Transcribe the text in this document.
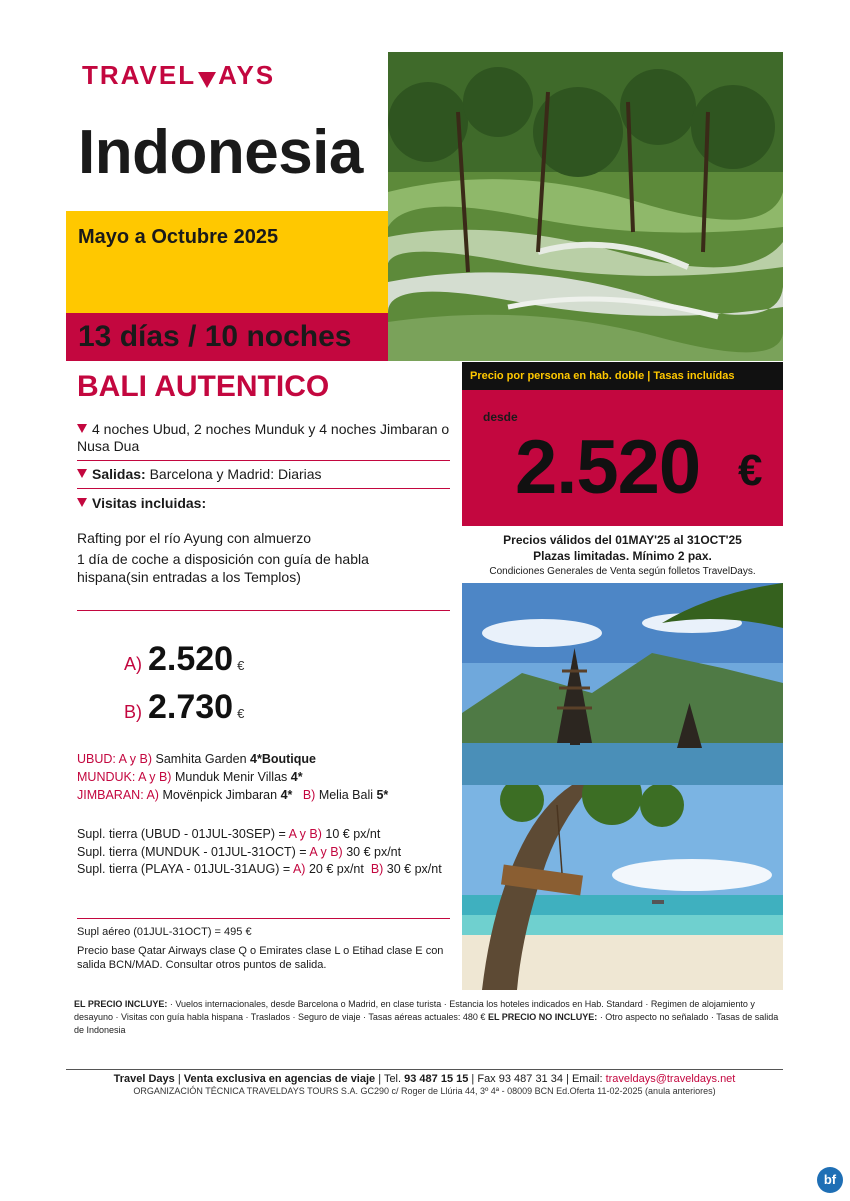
TRAVEL AYS
Indonesia
Mayo a Octubre 2025
13 días / 10 noches
Precio por persona en hab. doble | Tasas incluídas
desde
2.520 €
Precios válidos del 01MAY'25 al 31OCT'25
Plazas limitadas. Mínimo 2 pax.
Condiciones Generales de Venta según folletos TravelDays.
BALI AUTENTICO
4 noches Ubud, 2 noches Munduk y 4 noches Jimbaran o Nusa Dua
Salidas: Barcelona y Madrid: Diarias
Visitas incluidas:
Rafting por el río Ayung con almuerzo
1 día de coche a disposición con guía de habla hispana(sin entradas a los Templos)
A) 2.520 €
B) 2.730 €
UBUD: A y B) Samhita Garden 4*Boutique
MUNDUK: A y B) Munduk Menir Villas 4*
JIMBARAN: A) Movënpick Jimbaran 4* B) Melia Bali 5*
Supl. tierra (UBUD - 01JUL-30SEP) = A y B) 10 € px/nt
Supl. tierra (MUNDUK - 01JUL-31OCT) = A y B) 30 € px/nt
Supl. tierra (PLAYA - 01JUL-31AUG) = A) 20 € px/nt B) 30 € px/nt
Supl aéreo (01JUL-31OCT) = 495 €
Precio base Qatar Airways clase Q o Emirates clase L o Etihad clase E con salida BCN/MAD. Consultar otros puntos de salida.
EL PRECIO INCLUYE: · Vuelos internacionales, desde Barcelona o Madrid, en clase turista · Estancia los hoteles indicados en Hab. Standard · Regimen de alojamiento y desayuno · Visitas con guía habla hispana · Traslados · Seguro de viaje · Tasas aéreas actuales: 480 € EL PRECIO NO INCLUYE: · Otro aspecto no señalado · Tasas de salida de Indonesia
Travel Days | Venta exclusiva en agencias de viaje | Tel. 93 487 15 15 | Fax 93 487 31 34 | Email: traveldays@traveldays.net
ORGANIZACIÓN TÉCNICA TRAVELDAYS TOURS S.A. GC290 c/ Roger de Llúria 44, 3º 4ª - 08009 BCN Ed.Oferta 11-02-2025 (anula anteriores)
bf
